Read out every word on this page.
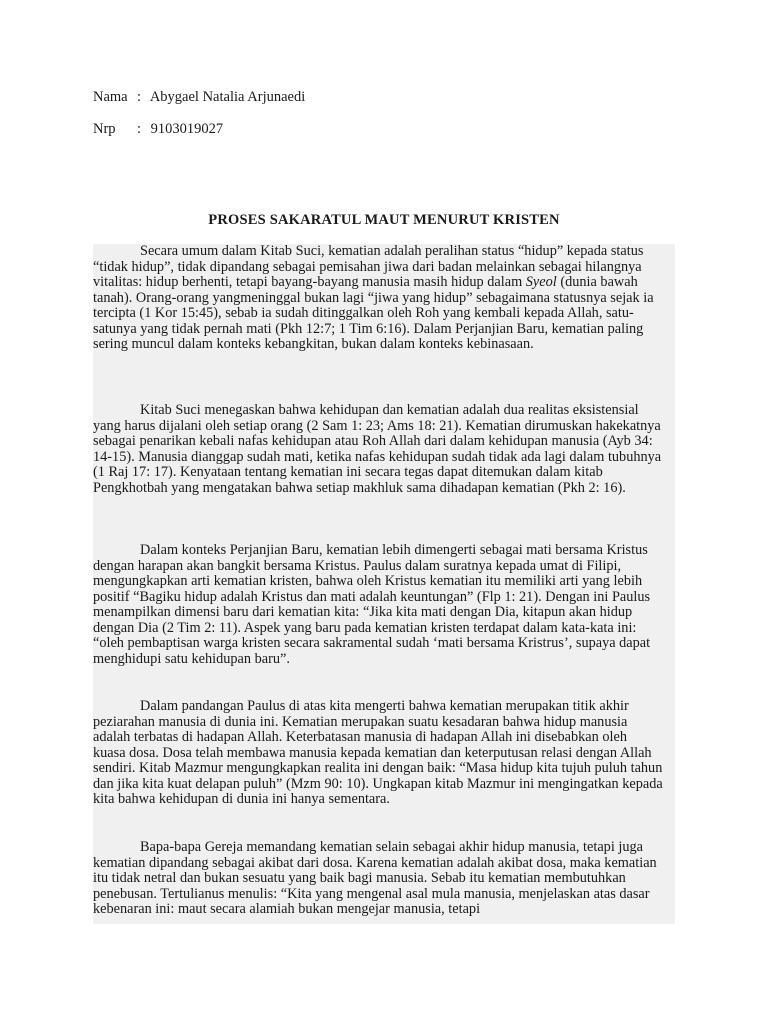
Nama : Abygael Natalia Arjunaedi
Nrp : 9103019027
PROSES SAKARATUL MAUT MENURUT KRISTEN

Secara umum dalam Kitab Suci, kematian adalah peralihan status “hidup” kepada status “tidak hidup”, tidak dipandang sebagai pemisahan jiwa dari badan melainkan sebagai hilangnya vitalitas: hidup berhenti, tetapi bayang-bayang manusia masih hidup dalam Syeol (dunia bawah tanah). Orang-orang yangmeninggal bukan lagi “jiwa yang hidup” sebagaimana statusnya sejak ia tercipta (1 Kor 15:45), sebab ia sudah ditinggalkan oleh Roh yang kembali kepada Allah, satu-satunya yang tidak pernah mati (Pkh 12:7; 1 Tim 6:16). Dalam Perjanjian Baru, kematian paling sering muncul dalam konteks kebangkitan, bukan dalam konteks kebinasaan.

Kitab Suci menegaskan bahwa kehidupan dan kematian adalah dua realitas eksistensial yang harus dijalani oleh setiap orang (2 Sam 1: 23; Ams 18: 21). Kematian dirumuskan hakekatnya sebagai penarikan kebali nafas kehidupan atau Roh Allah dari dalam kehidupan manusia (Ayb 34: 14-15). Manusia dianggap sudah mati, ketika nafas kehidupan sudah tidak ada lagi dalam tubuhnya (1 Raj 17: 17). Kenyataan tentang kematian ini secara tegas dapat ditemukan dalam kitab Pengkhotbah yang mengatakan bahwa setiap makhluk sama dihadapan kematian (Pkh 2: 16).

Dalam konteks Perjanjian Baru, kematian lebih dimengerti sebagai mati bersama Kristus dengan harapan akan bangkit bersama Kristus. Paulus dalam suratnya kepada umat di Filipi, mengungkapkan arti kematian kristen, bahwa oleh Kristus kematian itu memiliki arti yang lebih positif “Bagiku hidup adalah Kristus dan mati adalah keuntungan” (Flp 1: 21). Dengan ini Paulus menampilkan dimensi baru dari kematian kita: “Jika kita mati dengan Dia, kitapun akan hidup dengan Dia (2 Tim 2: 11). Aspek yang baru pada kematian kristen terdapat dalam kata-kata ini: “oleh pembaptisan warga kristen secara sakramental sudah ‘mati bersama Kristrus’, supaya dapat menghidupi satu kehidupan baru”.

Dalam pandangan Paulus di atas kita mengerti bahwa kematian merupakan titik akhir peziarahan manusia di dunia ini. Kematian merupakan suatu kesadaran bahwa hidup manusia adalah terbatas di hadapan Allah. Keterbatasan manusia di hadapan Allah ini disebabkan oleh kuasa dosa. Dosa telah membawa manusia kepada kematian dan keterputusan relasi dengan Allah sendiri. Kitab Mazmur mengungkapkan realita ini dengan baik: “Masa hidup kita tujuh puluh tahun dan jika kita kuat delapan puluh” (Mzm 90: 10). Ungkapan kitab Mazmur ini mengingatkan kepada kita bahwa kehidupan di dunia ini hanya sementara.

Bapa-bapa Gereja memandang kematian selain sebagai akhir hidup manusia, tetapi juga kematian dipandang sebagai akibat dari dosa. Karena kematian adalah akibat dosa, maka kematian itu tidak netral dan bukan sesuatu yang baik bagi manusia. Sebab itu kematian membutuhkan penebusan. Tertulianus menulis: “Kita yang mengenal asal mula manusia, menjelaskan atas dasar kebenaran ini: maut secara alamiah bukan mengejar manusia, tetapi
